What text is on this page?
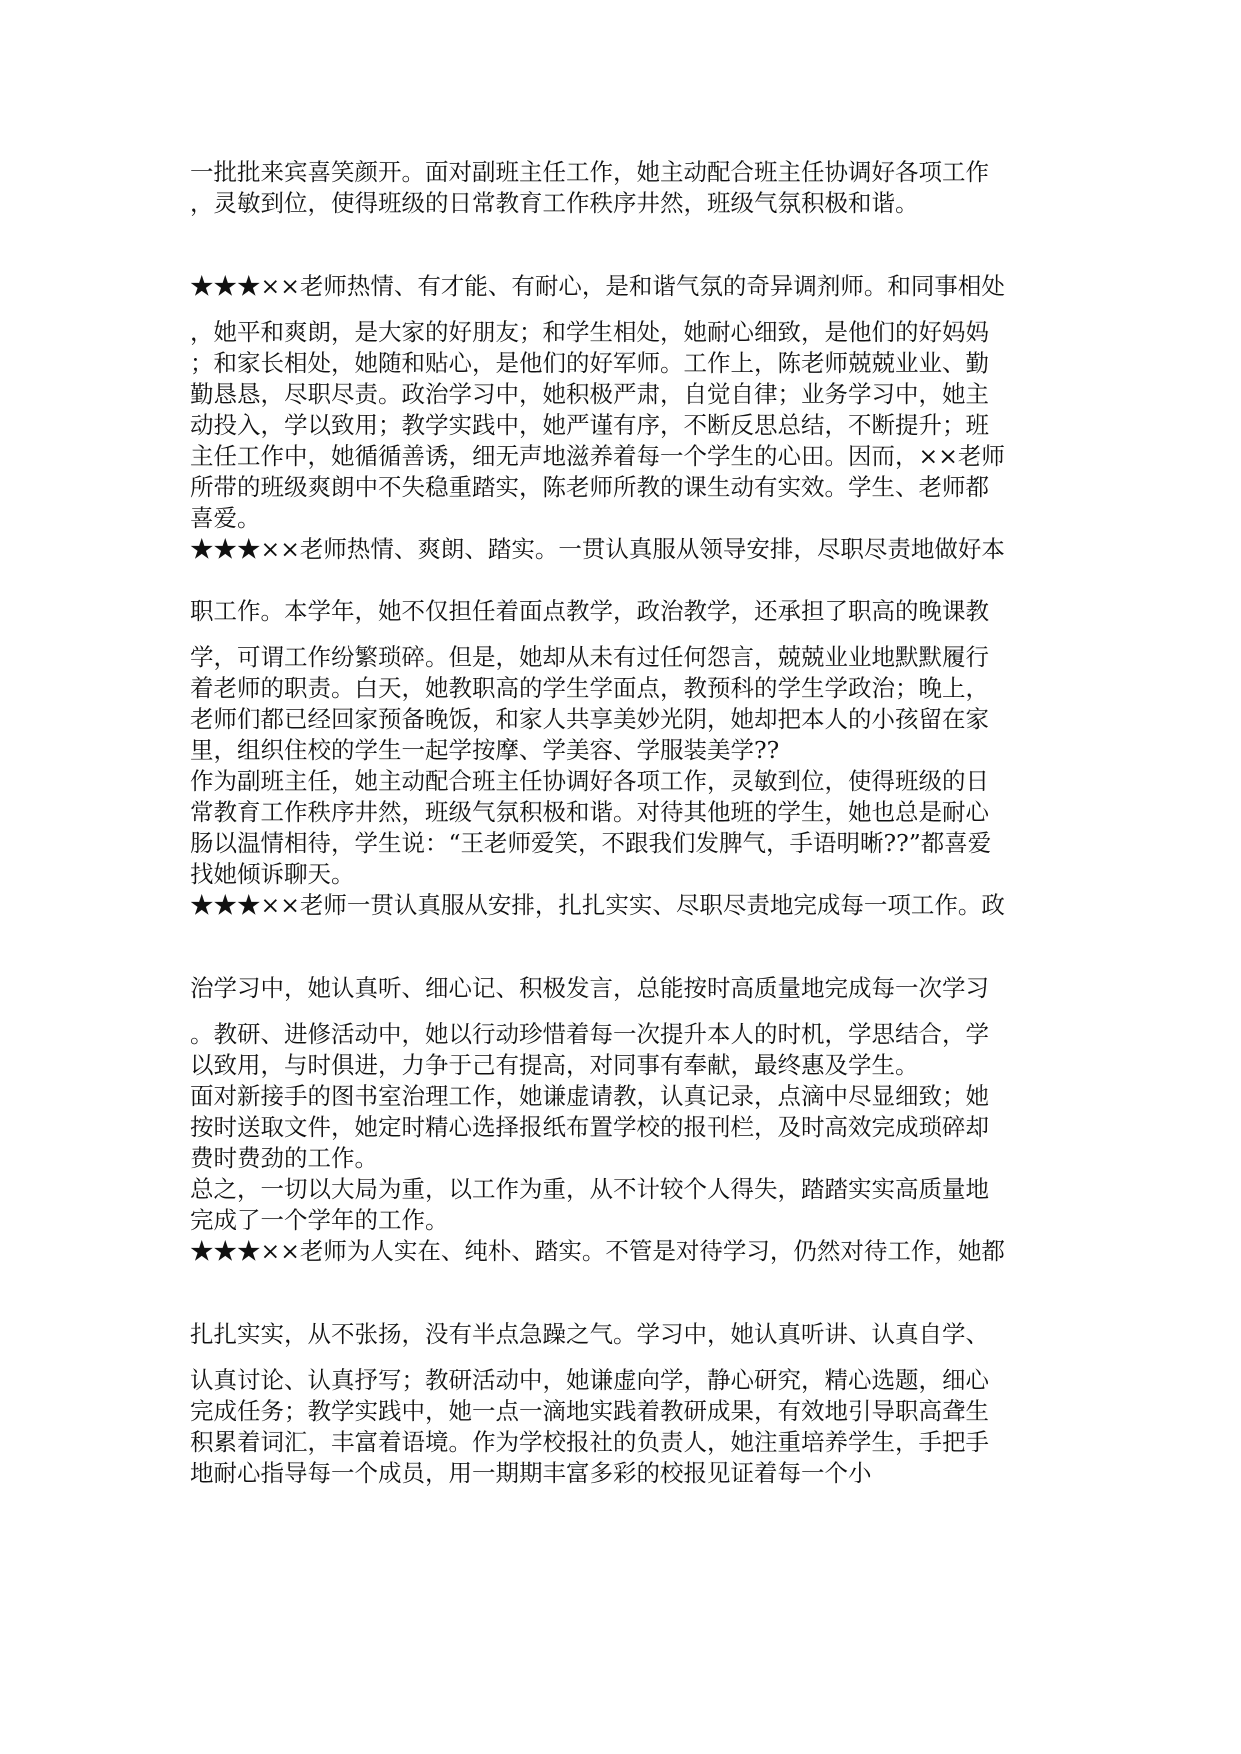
一批批来宾喜笑颜开。面对副班主任工作，她主动配合班主任协调好各项工作
，灵敏到位，使得班级的日常教育工作秩序井然，班级气氛积极和谐。
★★★××老师热情、有才能、有耐心，是和谐气氛的奇异调剂师。和同事相处
，她平和爽朗，是大家的好朋友；和学生相处，她耐心细致，是他们的好妈妈
；和家长相处，她随和贴心，是他们的好军师。工作上，陈老师兢兢业业、勤
勤恳恳，尽职尽责。政治学习中，她积极严肃，自觉自律；业务学习中，她主
动投入，学以致用；教学实践中，她严谨有序，不断反思总结，不断提升；班
主任工作中，她循循善诱，细无声地滋养着每一个学生的心田。因而，××老师
所带的班级爽朗中不失稳重踏实，陈老师所教的课生动有实效。学生、老师都
喜爱。
★★★××老师热情、爽朗、踏实。一贯认真服从领导安排，尽职尽责地做好本
职工作。本学年，她不仅担任着面点教学，政治教学，还承担了职高的晚课教
学，可谓工作纷繁琐碎。但是，她却从未有过任何怨言，兢兢业业地默默履行
着老师的职责。白天，她教职高的学生学面点，教预科的学生学政治；晚上，
老师们都已经回家预备晚饭，和家人共享美妙光阴，她却把本人的小孩留在家
里，组织住校的学生一起学按摩、学美容、学服装美学??
作为副班主任，她主动配合班主任协调好各项工作，灵敏到位，使得班级的日
常教育工作秩序井然，班级气氛积极和谐。对待其他班的学生，她也总是耐心
肠以温情相待，学生说：“王老师爱笑，不跟我们发脾气，手语明晰??”都喜爱
找她倾诉聊天。
★★★××老师一贯认真服从安排，扎扎实实、尽职尽责地完成每一项工作。政
治学习中，她认真听、细心记、积极发言，总能按时高质量地完成每一次学习
。教研、进修活动中，她以行动珍惜着每一次提升本人的时机，学思结合，学
以致用，与时俱进，力争于己有提高，对同事有奉献，最终惠及学生。
面对新接手的图书室治理工作，她谦虚请教，认真记录，点滴中尽显细致；她
按时送取文件，她定时精心选择报纸布置学校的报刊栏，及时高效完成琐碎却
费时费劲的工作。
总之，一切以大局为重，以工作为重，从不计较个人得失，踏踏实实高质量地
完成了一个学年的工作。
★★★××老师为人实在、纯朴、踏实。不管是对待学习，仍然对待工作，她都
扎扎实实，从不张扬，没有半点急躁之气。学习中，她认真听讲、认真自学、
认真讨论、认真抒写；教研活动中，她谦虚向学，静心研究，精心选题，细心
完成任务；教学实践中，她一点一滴地实践着教研成果，有效地引导职高聋生
积累着词汇，丰富着语境。作为学校报社的负责人，她注重培养学生，手把手
地耐心指导每一个成员，用一期期丰富多彩的校报见证着每一个小
